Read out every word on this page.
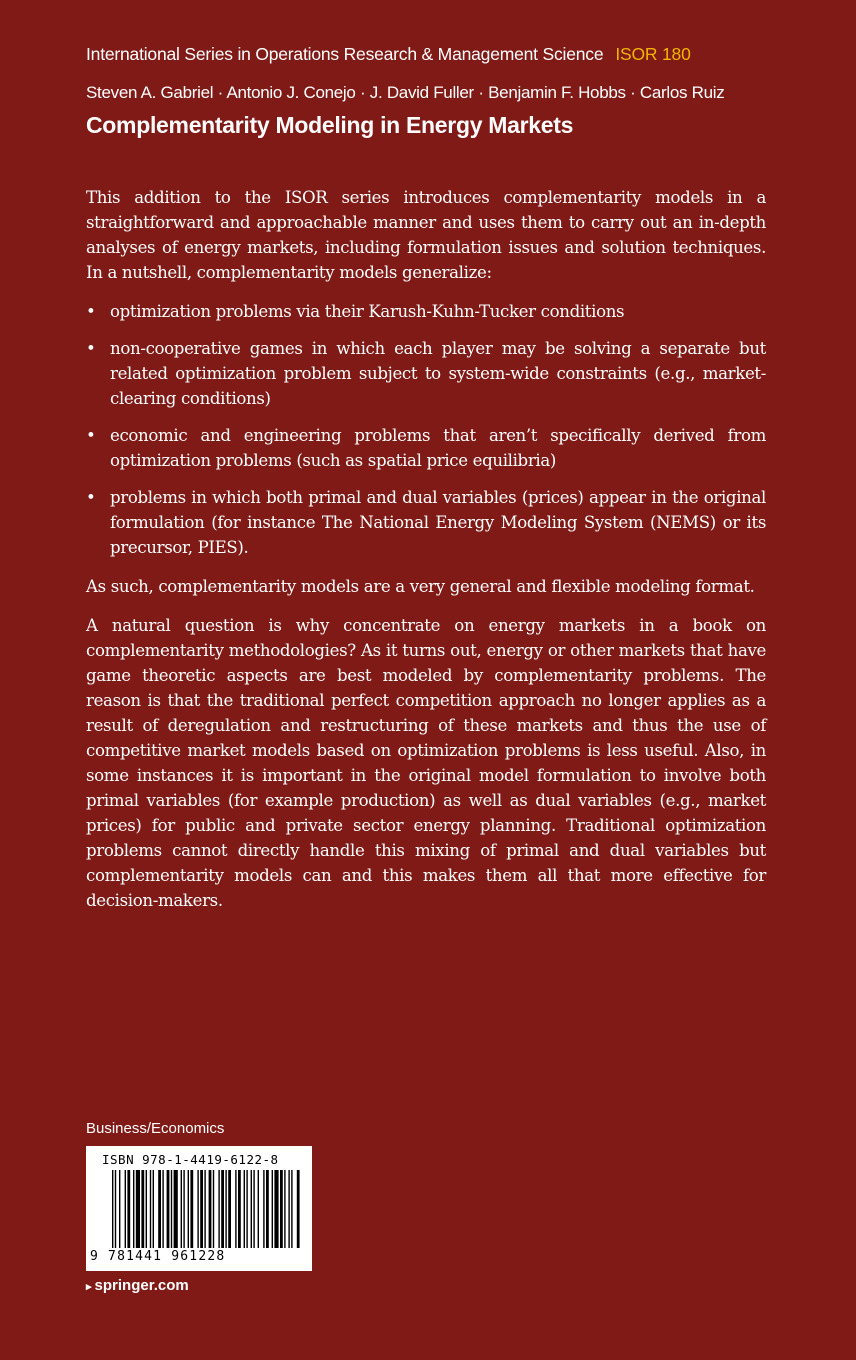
International Series in Operations Research & Management Science ISOR 180
Steven A. Gabriel · Antonio J. Conejo · J. David Fuller · Benjamin F. Hobbs · Carlos Ruiz
Complementarity Modeling in Energy Markets

This addition to the ISOR series introduces complementarity models in a straightforward and approachable manner and uses them to carry out an in-depth analyses of energy markets, including formulation issues and solution techniques. In a nutshell, complementarity models generalize:

• optimization problems via their Karush-Kuhn-Tucker conditions
• non-cooperative games in which each player may be solving a separate but related optimization problem subject to system-wide constraints (e.g., market-clearing conditions)
• economic and engineering problems that aren’t specifically derived from optimization problems (such as spatial price equilibria)
• problems in which both primal and dual variables (prices) appear in the original formulation (for instance The National Energy Modeling System (NEMS) or its precursor, PIES).

As such, complementarity models are a very general and flexible modeling format.

A natural question is why concentrate on energy markets in a book on complementarity methodologies? As it turns out, energy or other markets that have game theoretic aspects are best modeled by complementarity problems. The reason is that the traditional perfect competition approach no longer applies as a result of deregulation and restructuring of these markets and thus the use of competitive market models based on optimization problems is less useful. Also, in some instances it is important in the original model formulation to involve both primal variables (for example production) as well as dual variables (e.g., market prices) for public and private sector energy planning. Traditional optimization problems cannot directly handle this mixing of primal and dual variables but complementarity models can and this makes them all that more effective for decision-makers.

Business/Economics
ISBN 978-1-4419-6122-8
9 781441 961228
▸ springer.com
